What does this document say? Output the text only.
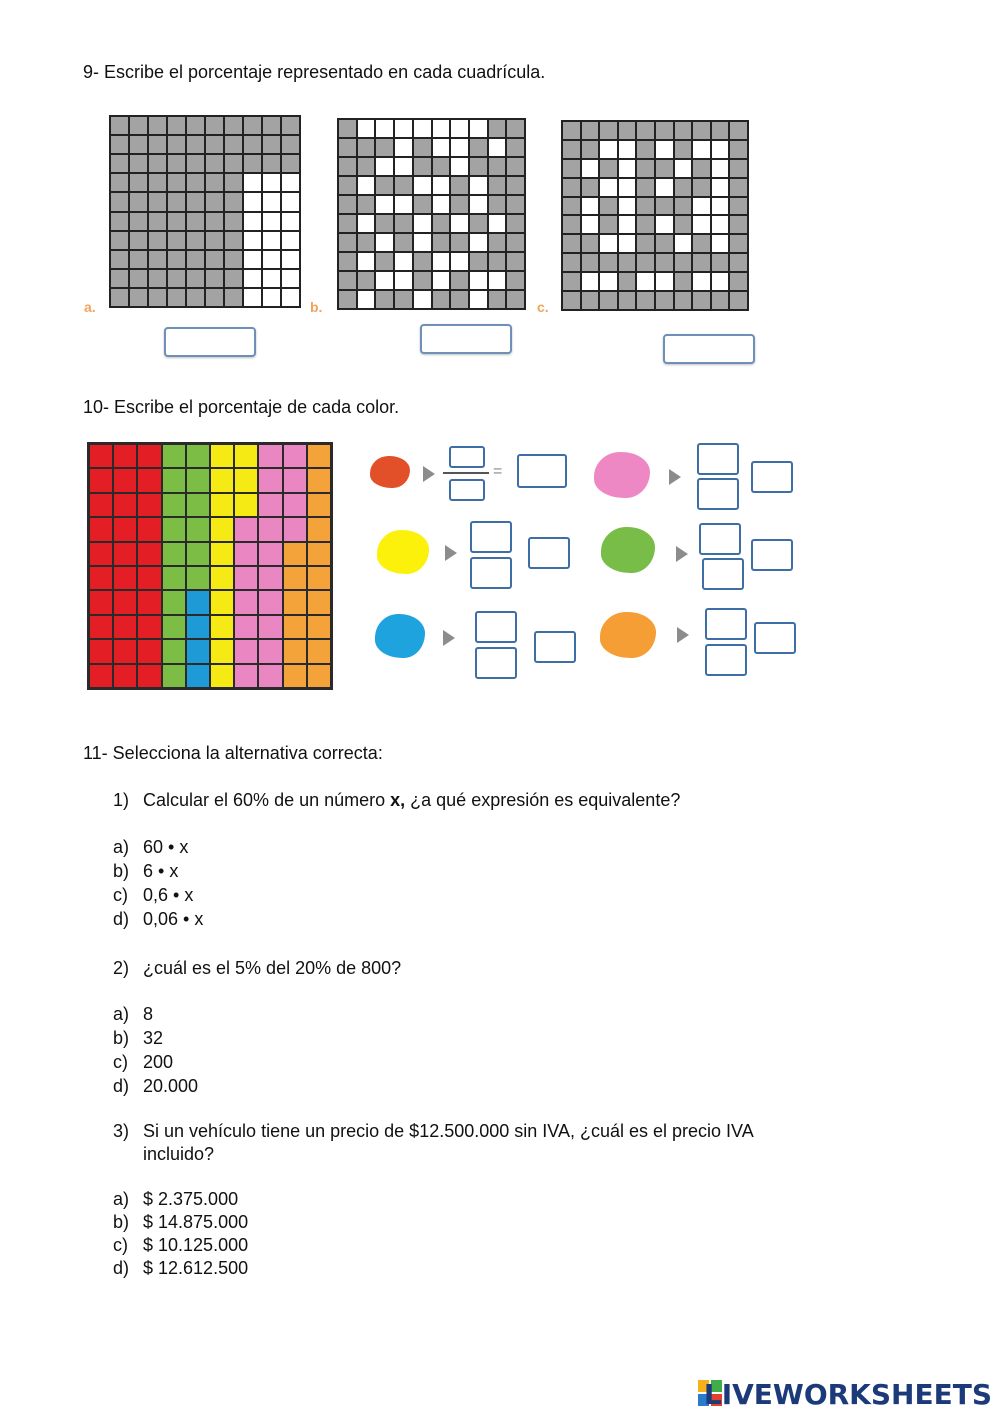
9- Escribe el porcentaje representado en cada cuadrícula.
a.	b.	c.
10- Escribe el porcentaje de cada color.
=
11- Selecciona la alternativa correcta:
1) Calcular el 60% de un número x, ¿a qué expresión es equivalente?
a) 60 • x
b) 6 • x
c) 0,6 • x
d) 0,06 • x
2) ¿cuál es el 5% del 20% de 800?
a) 8
b) 32
c) 200
d) 20.000
3) Si un vehículo tiene un precio de $12.500.000 sin IVA, ¿cuál es el precio IVA
incluido?
a) $ 2.375.000
b) $ 14.875.000
c) $ 10.125.000
d) $ 12.612.500
LIVEWORKSHEETS
